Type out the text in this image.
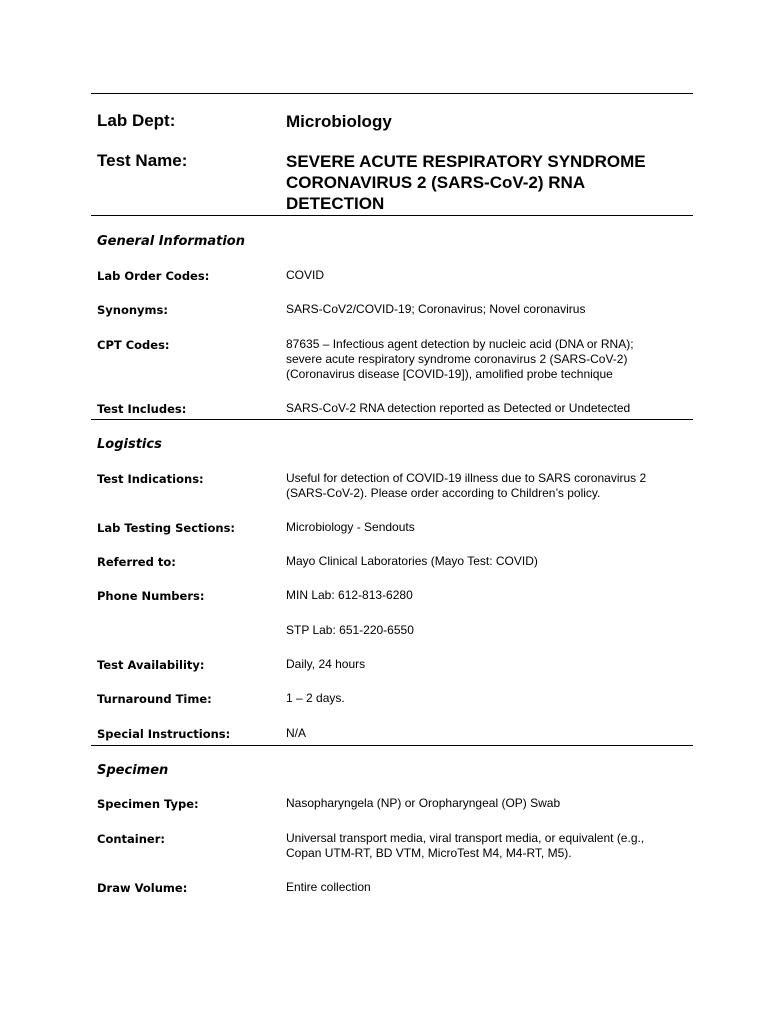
Lab Dept:	Microbiology
Test Name:	SEVERE ACUTE RESPIRATORY SYNDROME
CORONAVIRUS 2 (SARS-CoV-2) RNA
DETECTION
General Information
Lab Order Codes:	COVID
Synonyms:	SARS-CoV2/COVID-19; Coronavirus; Novel coronavirus
CPT Codes:	87635 – Infectious agent detection by nucleic acid (DNA or RNA);
severe acute respiratory syndrome coronavirus 2 (SARS-CoV-2)
(Coronavirus disease [COVID-19]), amolified probe technique
Test Includes:	SARS-CoV-2 RNA detection reported as Detected or Undetected
Logistics
Test Indications:	Useful for detection of COVID-19 illness due to SARS coronavirus 2
(SARS-CoV-2). Please order according to Children’s policy.
Lab Testing Sections:	Microbiology - Sendouts
Referred to:	Mayo Clinical Laboratories (Mayo Test: COVID)
Phone Numbers:	MIN Lab: 612-813-6280
STP Lab: 651-220-6550
Test Availability:	Daily, 24 hours
Turnaround Time:	1 – 2 days.
Special Instructions:	N/A
Specimen
Specimen Type:	Nasopharyngela (NP) or Oropharyngeal (OP) Swab
Container:	Universal transport media, viral transport media, or equivalent (e.g.,
Copan UTM-RT, BD VTM, MicroTest M4, M4-RT, M5).
Draw Volume:	Entire collection
